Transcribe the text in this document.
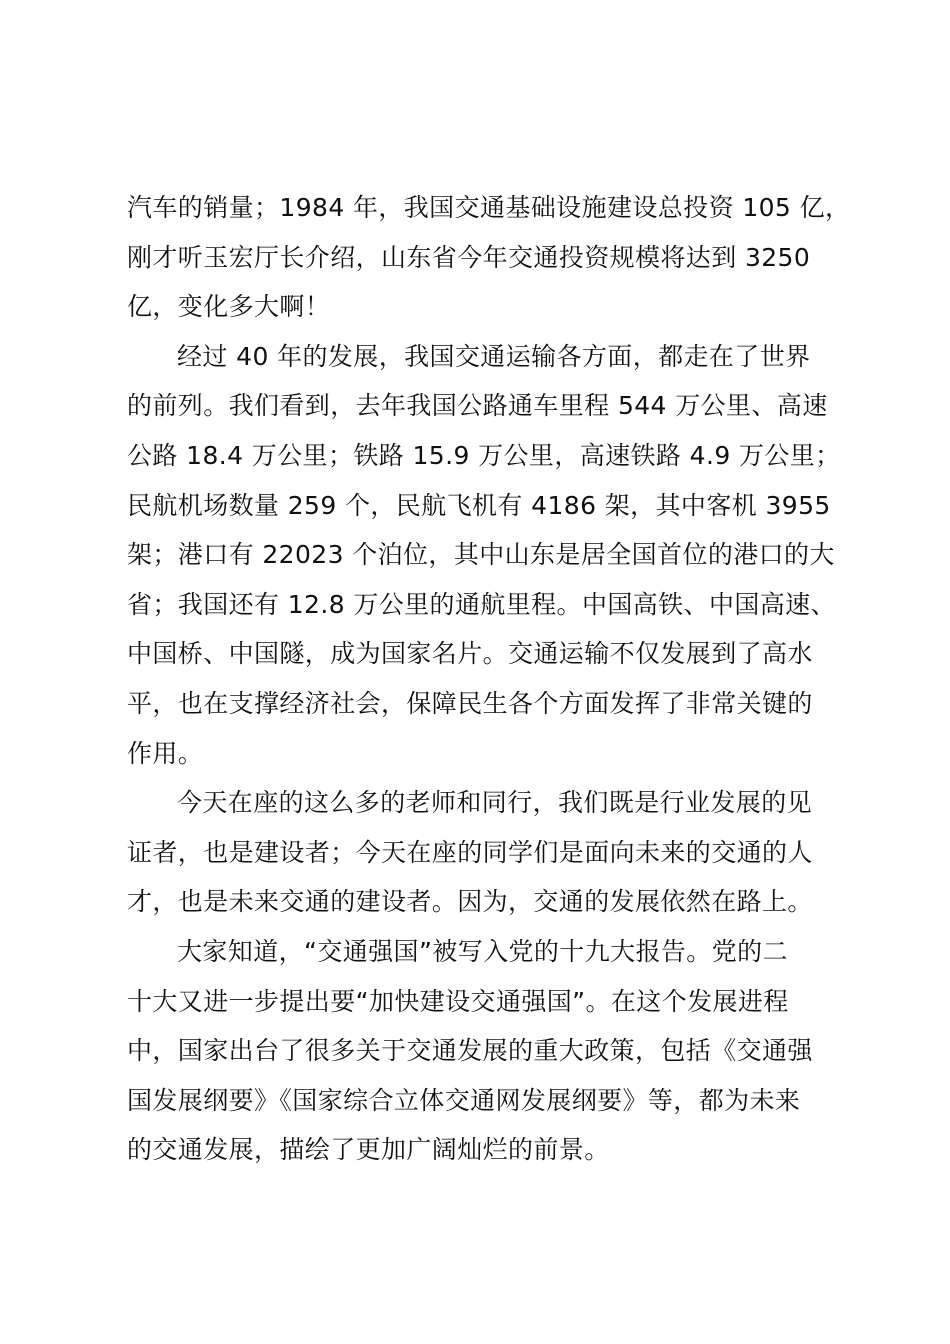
汽车的销量；1984 年，我国交通基础设施建设总投资 105 亿，
刚才听玉宏厅长介绍，山东省今年交通投资规模将达到 3250
亿，变化多大啊！
经过 40 年的发展，我国交通运输各方面，都走在了世界
的前列。我们看到，去年我国公路通车里程 544 万公里、高速
公路 18.4 万公里；铁路 15.9 万公里，高速铁路 4.9 万公里；
民航机场数量 259 个，民航飞机有 4186 架，其中客机 3955
架；港口有 22023 个泊位，其中山东是居全国首位的港口的大
省；我国还有 12.8 万公里的通航里程。中国高铁、中国高速、
中国桥、中国隧，成为国家名片。交通运输不仅发展到了高水
平，也在支撑经济社会，保障民生各个方面发挥了非常关键的
作用。
今天在座的这么多的老师和同行，我们既是行业发展的见
证者，也是建设者；今天在座的同学们是面向未来的交通的人
才，也是未来交通的建设者。因为，交通的发展依然在路上。
大家知道，“交通强国”被写入党的十九大报告。党的二
十大又进一步提出要“加快建设交通强国”。在这个发展进程
中，国家出台了很多关于交通发展的重大政策，包括《交通强
国发展纲要》《国家综合立体交通网发展纲要》等，都为未来
的交通发展，描绘了更加广阔灿烂的前景。
